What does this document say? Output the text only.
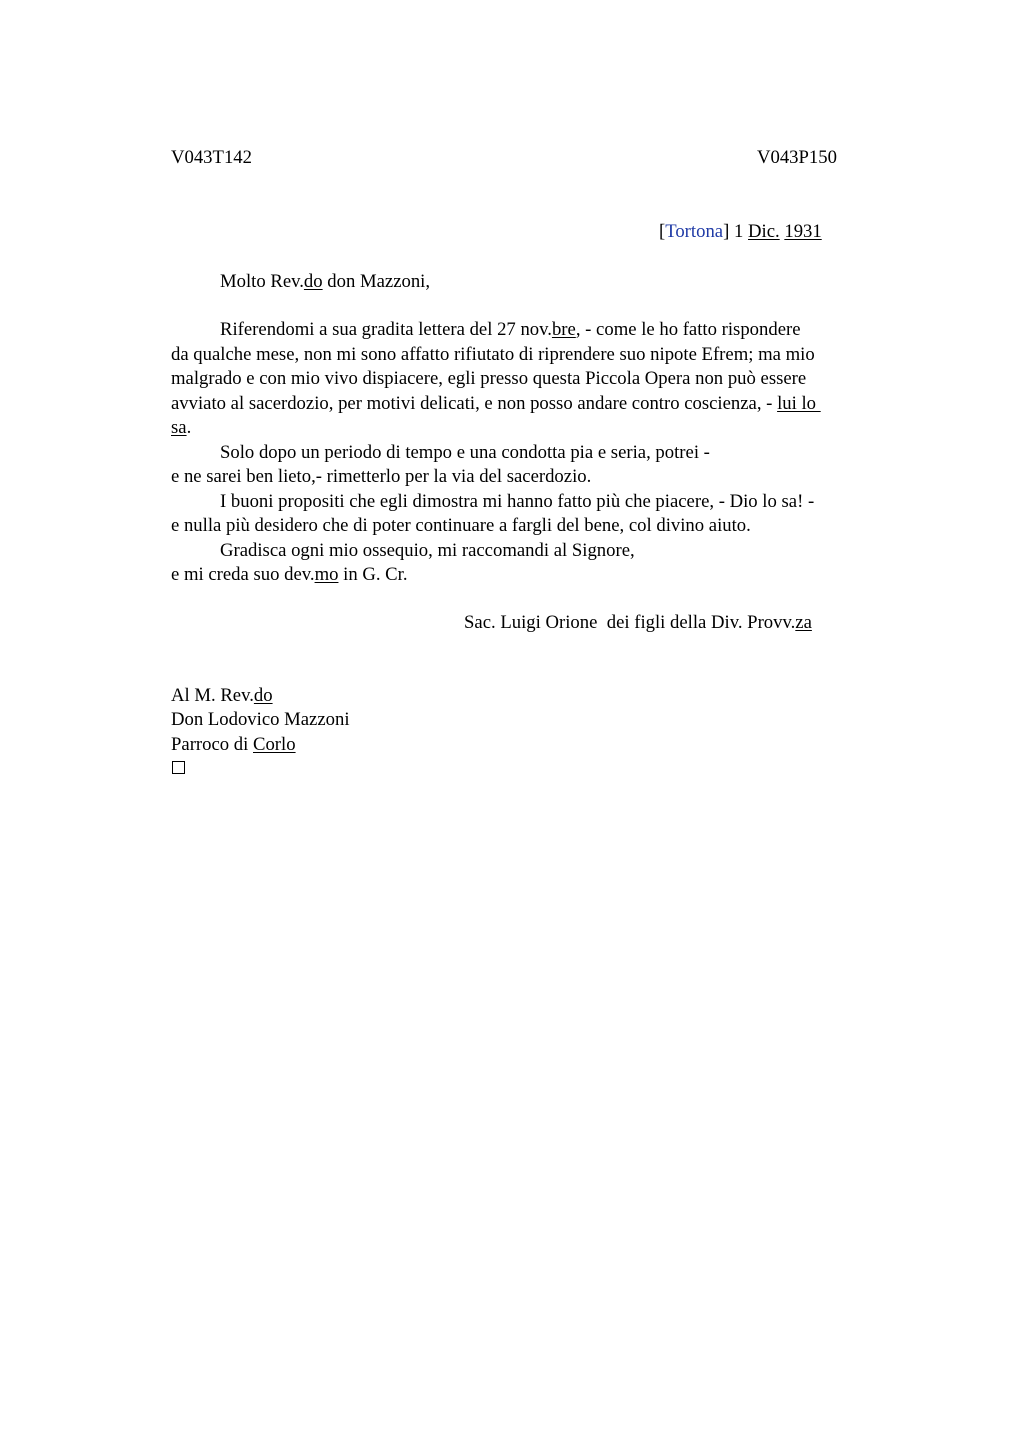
V043T142	V043P150
[Tortona] 1 Dic. 1931
Molto Rev.do don Mazzoni,
Riferendomi a sua gradita lettera del 27 nov.bre, - come le ho fatto rispondere
da qualche mese, non mi sono affatto rifiutato di riprendere suo nipote Efrem; ma mio
malgrado e con mio vivo dispiacere, egli presso questa Piccola Opera non può essere
avviato al sacerdozio, per motivi delicati, e non posso andare contro coscienza, - lui lo
sa.
Solo dopo un periodo di tempo e una condotta pia e seria, potrei -
e ne sarei ben lieto,- rimetterlo per la via del sacerdozio.
I buoni propositi che egli dimostra mi hanno fatto più che piacere, - Dio lo sa! -
e nulla più desidero che di poter continuare a fargli del bene, col divino aiuto.
Gradisca ogni mio ossequio, mi raccomandi al Signore,
e mi creda suo dev.mo in G. Cr.
Sac. Luigi Orione  dei figli della Div. Provv.za
Al M. Rev.do
Don Lodovico Mazzoni
Parroco di Corlo
